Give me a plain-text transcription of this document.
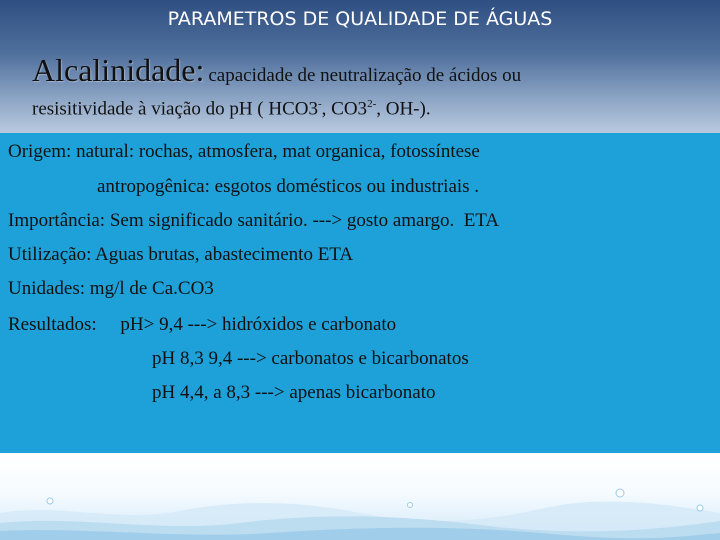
PARAMETROS DE QUALIDADE DE ÁGUAS
Alcalinidade: capacidade de neutralização de ácidos ou
resisitividade à viação do pH ( HCO3-, $CO3^{2-}$, OH-).
Origem: natural: rochas, atmosfera, mat organica, fotossíntese
antropogênica: esgotos domésticos ou industriais .
Importância: Sem significado sanitário. ---> gosto amargo.  ETA
Utilização: Aguas brutas, abastecimento ETA
Unidades: mg/l de Ca.CO3
Resultados:     pH> 9,4 ---> hidróxidos e carbonato
pH 8,3 9,4 ---> carbonatos e bicarbonatos
pH 4,4, a 8,3 ---> apenas bicarbonato
